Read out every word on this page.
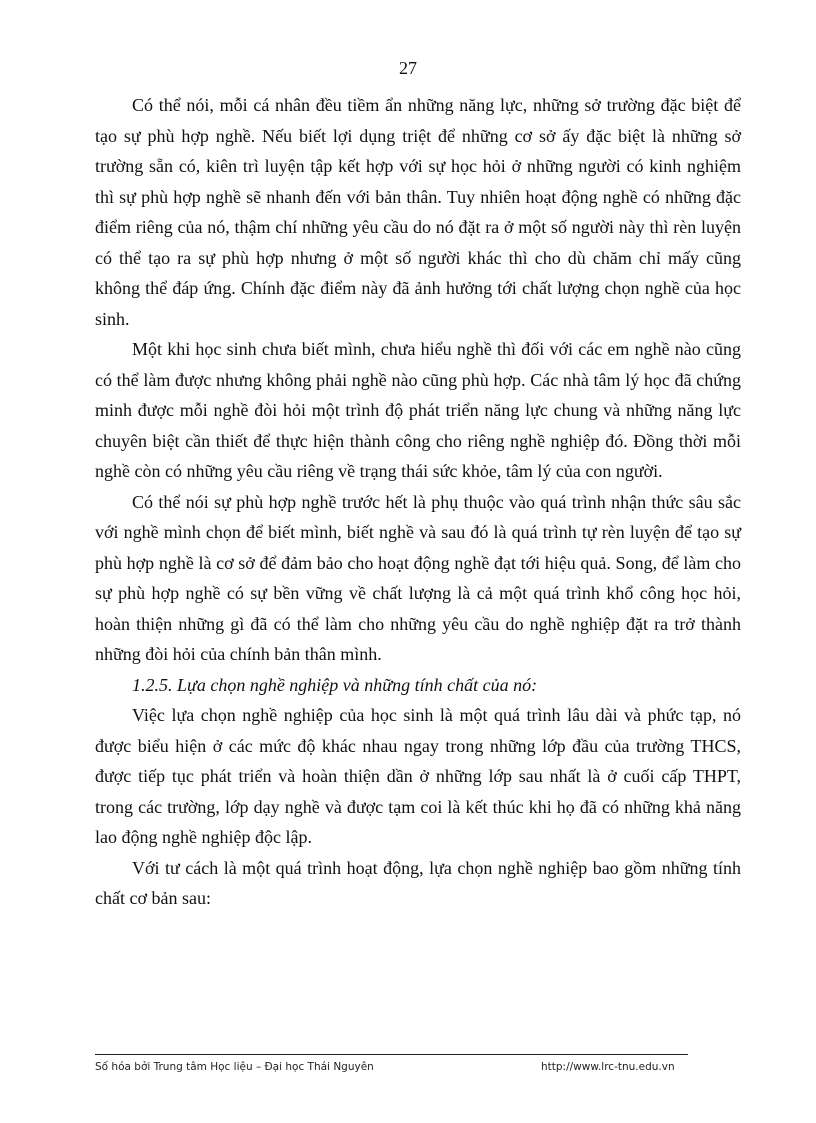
27

Có thể nói, mỗi cá nhân đều tiềm ẩn những năng lực, những sở trường đặc biệt để tạo sự phù hợp nghề. Nếu biết lợi dụng triệt để những cơ sở ấy đặc biệt là những sở trường sẵn có, kiên trì luyện tập kết hợp với sự học hỏi ở những người có kinh nghiệm thì sự phù hợp nghề sẽ nhanh đến với bản thân. Tuy nhiên hoạt động nghề có những đặc điểm riêng của nó, thậm chí những yêu cầu do nó đặt ra ở một số người này thì rèn luyện có thể tạo ra sự phù hợp nhưng ở một số người khác thì cho dù chăm chỉ mấy cũng không thể đáp ứng. Chính đặc điểm này đã ảnh hưởng tới chất lượng chọn nghề của học sinh.

Một khi học sinh chưa biết mình, chưa hiểu nghề thì đối với các em nghề nào cũng có thể làm được nhưng không phải nghề nào cũng phù hợp. Các nhà tâm lý học đã chứng minh được mỗi nghề đòi hỏi một trình độ phát triển năng lực chung và những năng lực chuyên biệt cần thiết để thực hiện thành công cho riêng nghề nghiệp đó. Đồng thời mỗi nghề còn có những yêu cầu riêng về trạng thái sức khỏe, tâm lý của con người.

Có thể nói sự phù hợp nghề trước hết là phụ thuộc vào quá trình nhận thức sâu sắc với nghề mình chọn để biết mình, biết nghề và sau đó là quá trình tự rèn luyện để tạo sự phù hợp nghề là cơ sở để đảm bảo cho hoạt động nghề đạt tới hiệu quả. Song, để làm cho sự phù hợp nghề có sự bền vững về chất lượng là cả một quá trình khổ công học hỏi, hoàn thiện những gì đã có thể làm cho những yêu cầu do nghề nghiệp đặt ra trở thành những đòi hỏi của chính bản thân mình.

1.2.5. Lựa chọn nghề nghiệp và những tính chất của nó:

Việc lựa chọn nghề nghiệp của học sinh là một quá trình lâu dài và phức tạp, nó được biểu hiện ở các mức độ khác nhau ngay trong những lớp đầu của trường THCS, được tiếp tục phát triển và hoàn thiện dần ở những lớp sau nhất là ở cuối cấp THPT, trong các trường, lớp dạy nghề và được tạm coi là kết thúc khi họ đã có những khả năng lao động nghề nghiệp độc lập.

Với tư cách là một quá trình hoạt động, lựa chọn nghề nghiệp bao gồm những tính chất cơ bản sau:

Số hóa bởi Trung tâm Học liệu – Đại học Thái Nguyên	http://www.lrc-tnu.edu.vn
